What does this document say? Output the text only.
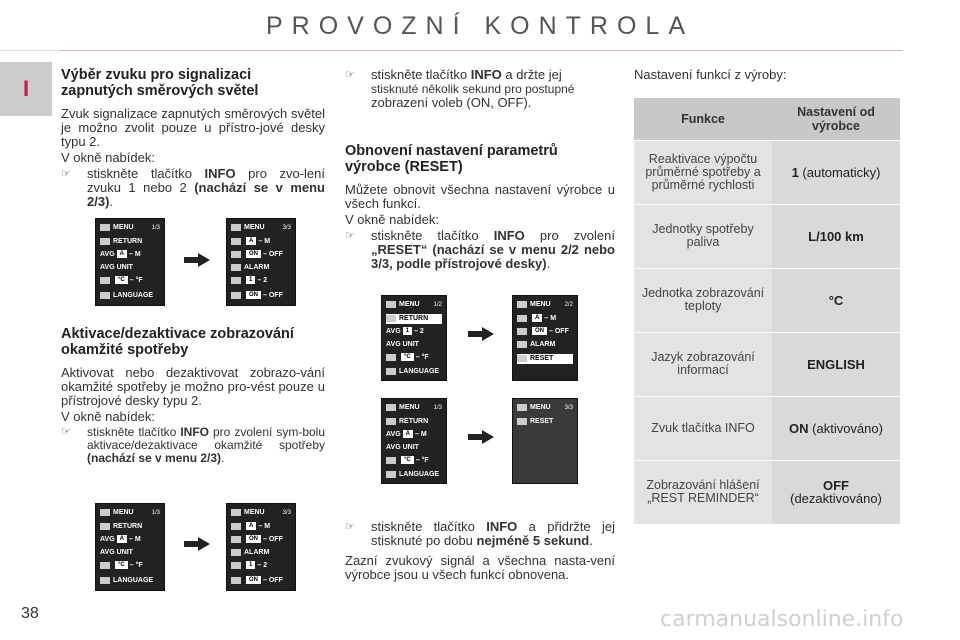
PROVOZNÍ KONTROLA
I
Výběr zvuku pro signalizaci zapnutých směrových světel
Zvuk signalizace zapnutých směrových světel je možno zvolit pouze u přístro-jové desky typu 2.
V okně nabídek:
☞ stiskněte tlačítko INFO pro zvo-lení zvuku 1 nebo 2 (nachází se v menu 2/3).
Aktivace/dezaktivace zobrazování okamžité spotřeby
Aktivovat nebo dezaktivovat zobrazo-vání okamžité spotřeby je možno pro-vést pouze u přístrojové desky typu 2.
V okně nabídek:
☞ stiskněte tlačítko INFO pro zvolení sym-bolu aktivace/dezaktivace okamžité spotřeby (nachází se v menu 2/3).
MENU	1/3
RETURN
AVG A – M
AVG UNIT
°C – °F
LANGUAGE
MENU	3/3
A – M
ON – OFF
ALARM
1 – 2
ON – OFF
MENU	1/3
RETURN
AVG A – M
AVG UNIT
°C – °F
LANGUAGE
MENU	3/3
A – M
ON – OFF
ALARM
1 – 2
ON – OFF
☞ stiskněte tlačítko INFO a držte jej
stisknuté několik sekund pro postupné
zobrazení voleb (ON, OFF).
Obnovení nastavení parametrů výrobce (RESET)
Můžete obnovit všechna nastavení výrobce u všech funkcí.
V okně nabídek:
☞ stiskněte tlačítko INFO pro zvolení „RESET“ (nachází se v menu 2/2 nebo 3/3, podle přístrojové desky).
MENU 1/2
RETURN
AVG 1 – 2
AVG UNIT
°C – °F
LANGUAGE
MENU 2/2
A – M
ON – OFF
ALARM
RESET
MENU 1/3
RETURN
AVG A – M
AVG UNIT
°C – °F
LANGUAGE
MENU 3/3
RESET
☞ stiskněte tlačítko INFO a přidržte jej stisknuté po dobu nejméně 5 sekund.
Zazní zvukový signál a všechna nasta-vení výrobce jsou u všech funkcí obnovena.
Nastavení funkcí z výroby:
Funkce	Nastavení od výrobce
Reaktivace výpočtu průměrné spotřeby a průměrné rychlosti	1 (automaticky)
Jednotky spotřeby paliva	L/100 km
Jednotka zobrazování teploty	°C
Jazyk zobrazování informací	ENGLISH
Zvuk tlačítka INFO	ON (aktivováno)
Zobrazování hlášení „REST REMINDER“	OFF
(dezaktivováno)
38	carmanualsonline.info
